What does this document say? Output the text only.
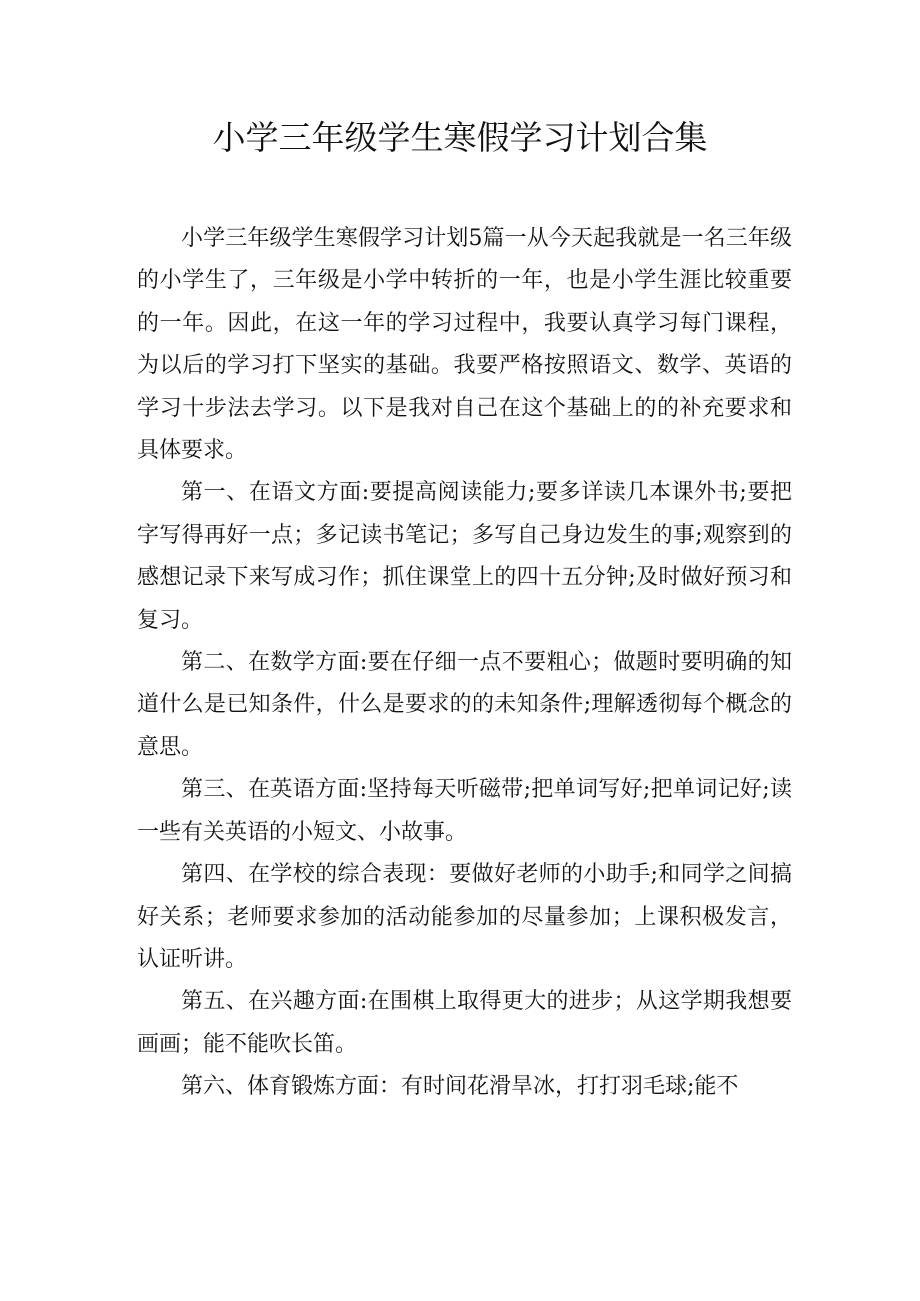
小学三年级学生寒假学习计划合集

小学三年级学生寒假学习计划5篇一从今天起我就是一名三年级的小学生了，三年级是小学中转折的一年，也是小学生涯比较重要的一年。因此，在这一年的学习过程中，我要认真学习每门课程，为以后的学习打下坚实的基础。我要严格按照语文、数学、英语的学习十步法去学习。以下是我对自己在这个基础上的的补充要求和具体要求。

第一、在语文方面:要提高阅读能力;要多详读几本课外书;要把字写得再好一点；多记读书笔记；多写自己身边发生的事;观察到的感想记录下来写成习作；抓住课堂上的四十五分钟;及时做好预习和复习。

第二、在数学方面:要在仔细一点不要粗心；做题时要明确的知道什么是已知条件，什么是要求的的未知条件;理解透彻每个概念的意思。

第三、在英语方面:坚持每天听磁带;把单词写好;把单词记好;读一些有关英语的小短文、小故事。

第四、在学校的综合表现：要做好老师的小助手;和同学之间搞好关系；老师要求参加的活动能参加的尽量参加；上课积极发言，认证听讲。

第五、在兴趣方面:在围棋上取得更大的进步；从这学期我想要画画；能不能吹长笛。

第六、体育锻炼方面：有时间花滑旱冰，打打羽毛球;能不
